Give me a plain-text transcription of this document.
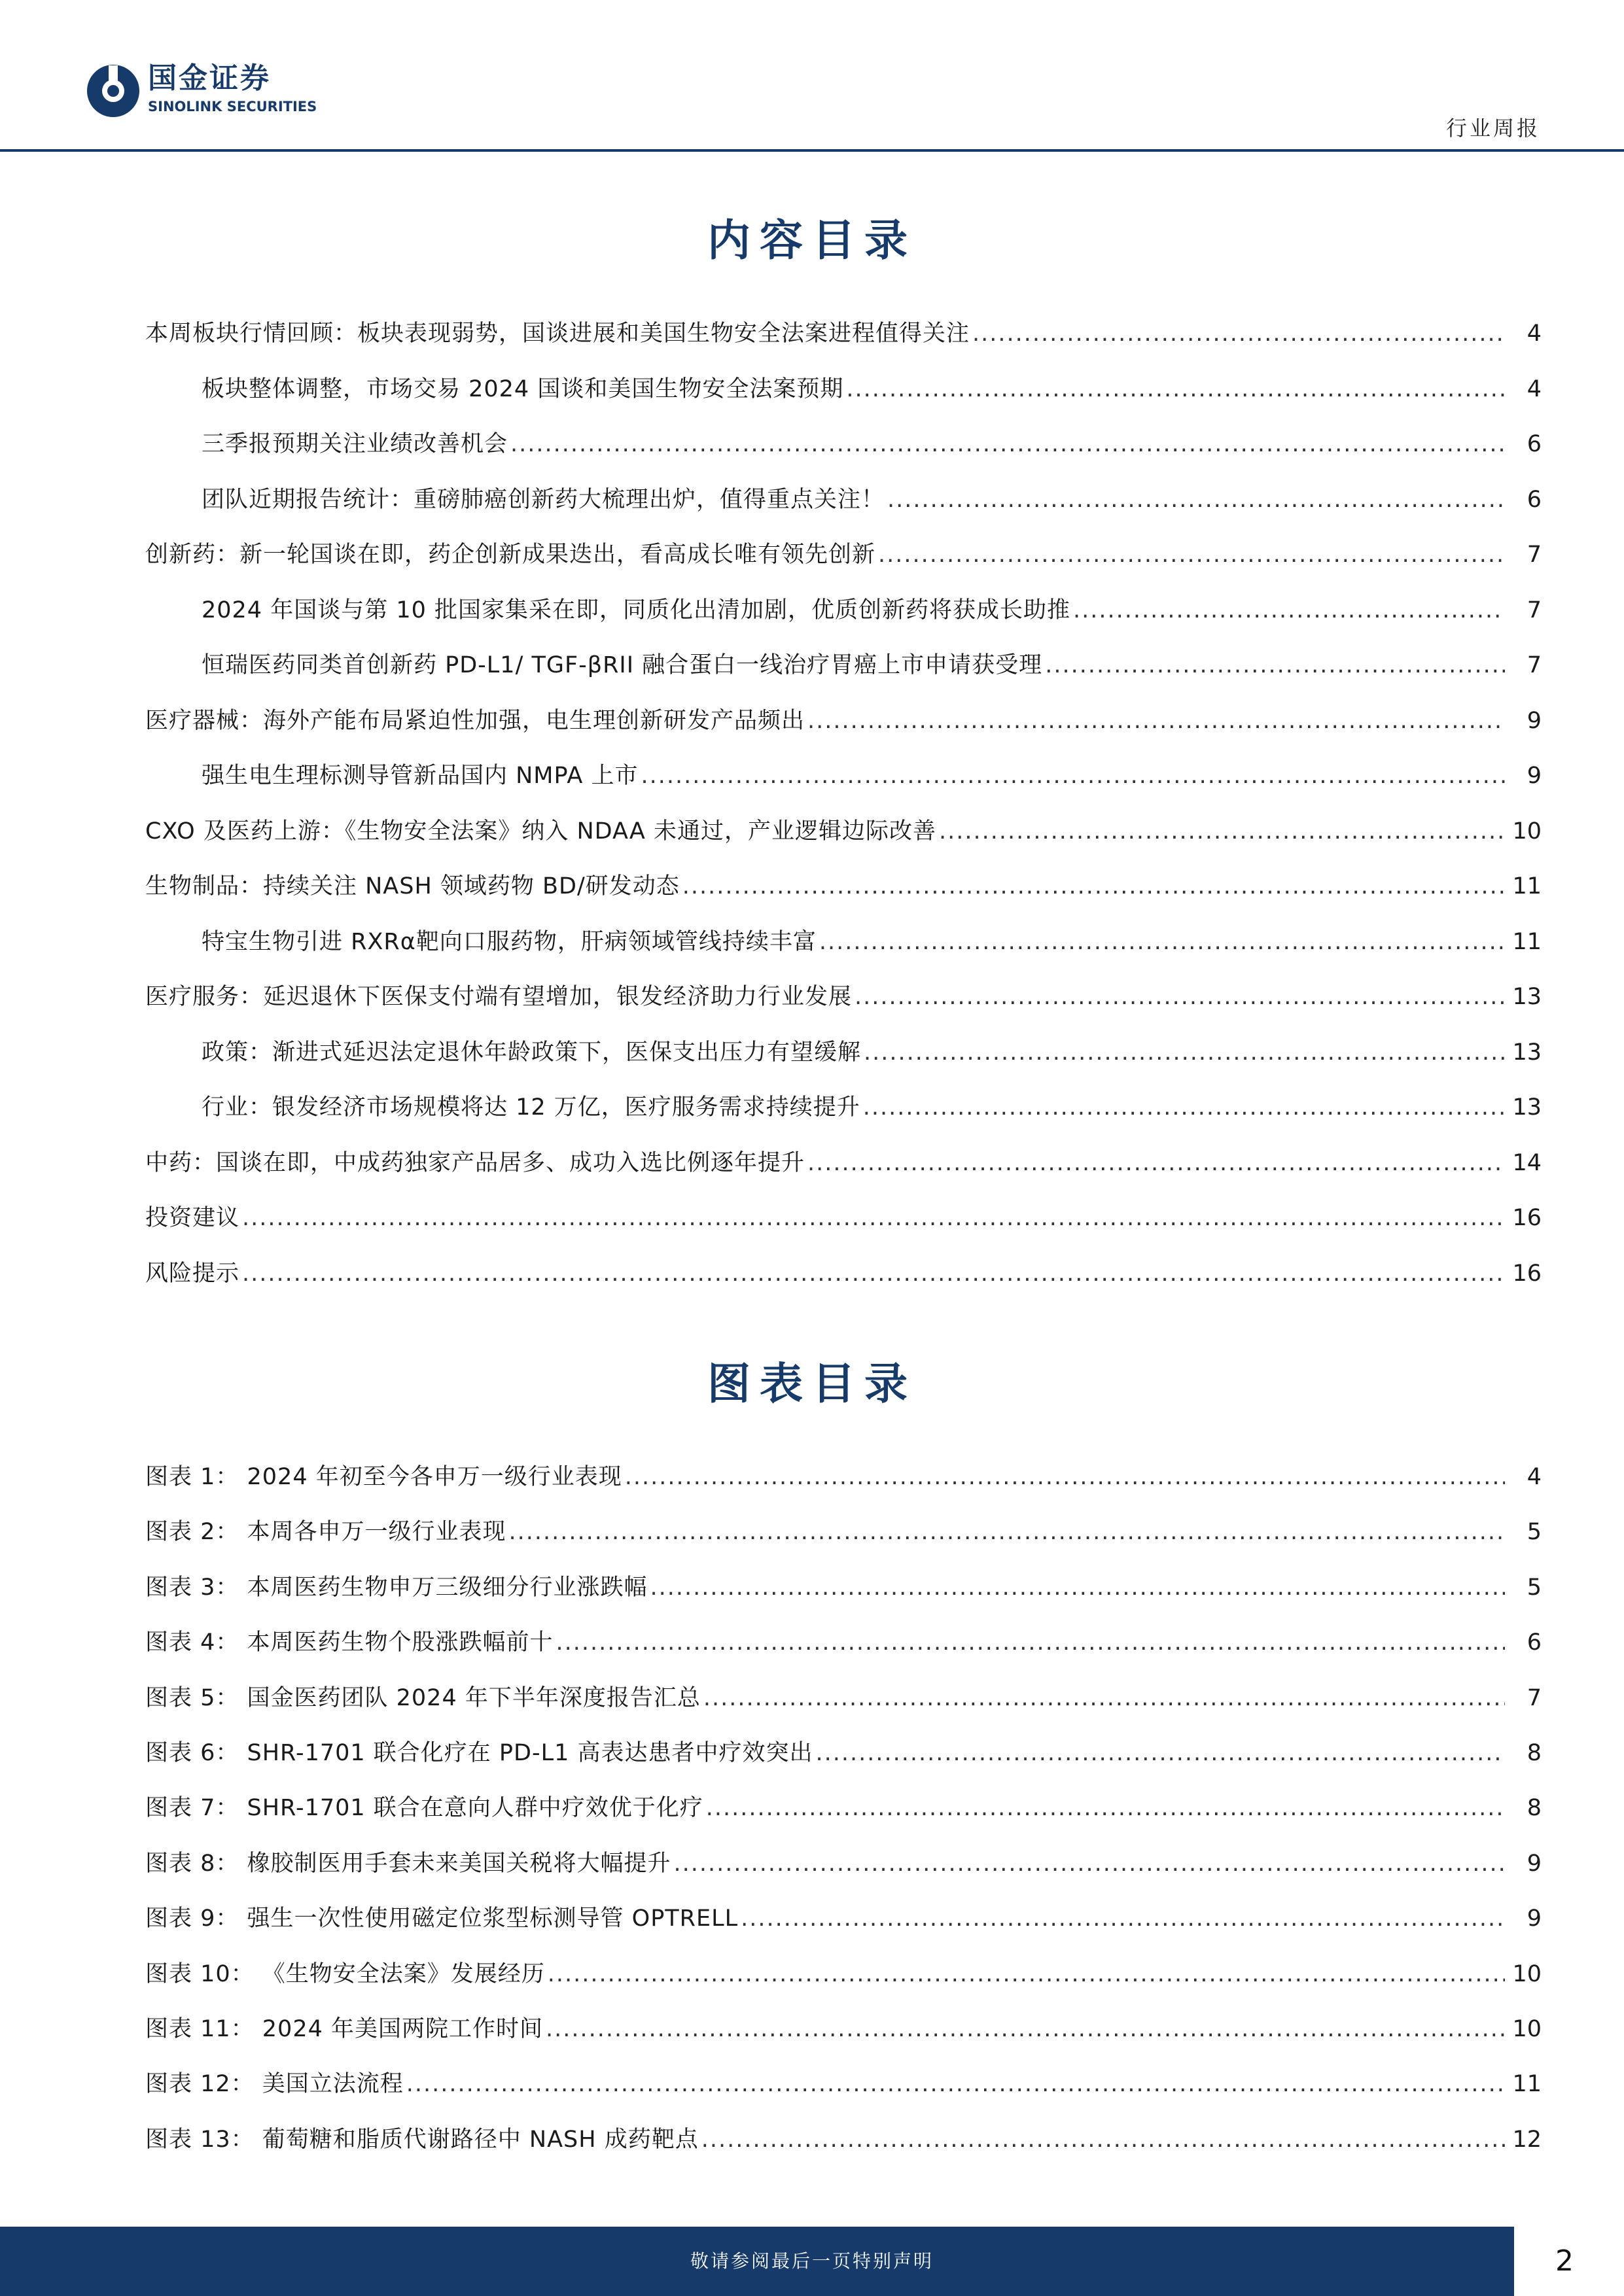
国金证券
SINOLINK SECURITIES
行业周报
内容目录
本周板块行情回顾：板块表现弱势，国谈进展和美国生物安全法案进程值得关注 .....	4
板块整体调整，市场交易 2024 国谈和美国生物安全法案预期 .....	4
三季报预期关注业绩改善机会 .....	6
团队近期报告统计：重磅肺癌创新药大梳理出炉，值得重点关注！ .....	6
创新药：新一轮国谈在即，药企创新成果迭出，看高成长唯有领先创新 .....	7
2024 年国谈与第 10 批国家集采在即，同质化出清加剧，优质创新药将获成长助推 .....	7
恒瑞医药同类首创新药 PD-L1/ TGF-βRII 融合蛋白一线治疗胃癌上市申请获受理 .....	7
医疗器械：海外产能布局紧迫性加强，电生理创新研发产品频出 .....	9
强生电生理标测导管新品国内 NMPA 上市 .....	9
CXO 及医药上游：《生物安全法案》纳入 NDAA 未通过，产业逻辑边际改善 .....	10
生物制品：持续关注 NASH 领域药物 BD/研发动态 .....	11
特宝生物引进 RXRα靶向口服药物，肝病领域管线持续丰富 .....	11
医疗服务：延迟退休下医保支付端有望增加，银发经济助力行业发展 .....	13
政策：渐进式延迟法定退休年龄政策下，医保支出压力有望缓解 .....	13
行业：银发经济市场规模将达 12 万亿，医疗服务需求持续提升 .....	13
中药：国谈在即，中成药独家产品居多、成功入选比例逐年提升 .....	14
投资建议 .....	16
风险提示 .....	16
图表目录
图表 1： 2024 年初至今各申万一级行业表现 .....	4
图表 2： 本周各申万一级行业表现 .....	5
图表 3： 本周医药生物申万三级细分行业涨跌幅 .....	5
图表 4： 本周医药生物个股涨跌幅前十 .....	6
图表 5： 国金医药团队 2024 年下半年深度报告汇总 .....	7
图表 6： SHR-1701 联合化疗在 PD-L1 高表达患者中疗效突出 .....	8
图表 7： SHR-1701 联合在意向人群中疗效优于化疗 .....	8
图表 8： 橡胶制医用手套未来美国关税将大幅提升 .....	9
图表 9： 强生一次性使用磁定位浆型标测导管 OPTRELL .....	9
图表 10： 《生物安全法案》发展经历 .....	10
图表 11： 2024 年美国两院工作时间 .....	10
图表 12： 美国立法流程 .....	11
图表 13： 葡萄糖和脂质代谢路径中 NASH 成药靶点 .....	12
敬请参阅最后一页特别声明	2
